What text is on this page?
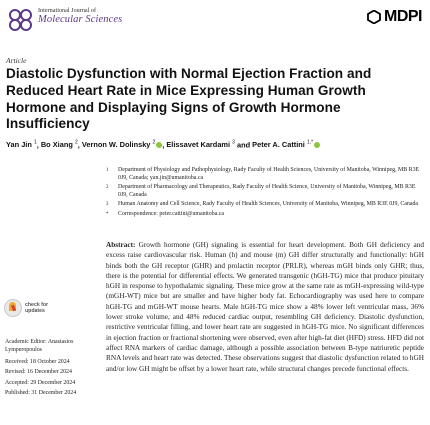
International Journal of
Molecular Sciences	MDPI
Article
Diastolic Dysfunction with Normal Ejection Fraction and Reduced Heart Rate in Mice Expressing Human Growth Hormone and Displaying Signs of Growth Hormone Insufficiency
Yan Jin $^1$, Bo Xiang $^2$, Vernon W. Dolinsky $^2$ , Elissavet Kardami $^3$ and Peter A. Cattini $^{1,*}$
1	Department of Physiology and Pathophysiology, Rady Faculty of Health Sciences, University of Manitoba, Winnipeg, MB R3E 0J9, Canada; yan.jin@umanitoba.ca
2	Department of Pharmacology and Therapeutics, Rady Faculty of Health Science, University of Manitoba, Winnipeg, MB R3E 0J9, Canada
3	Human Anatomy and Cell Science, Rady Faculty of Health Sciences, University of Manitoba, Winnipeg, MB R3E 0J9, Canada
*	Correspondence: peter.cattini@umanitoba.ca
Abstract: Growth hormone (GH) signaling is essential for heart development. Both GH deficiency and excess raise cardiovascular risk. Human (h) and mouse (m) GH differ structurally and functionally: hGH binds both the GH receptor (GHR) and prolactin receptor (PRLR), whereas mGH binds only GHR; thus, there is the potential for differential effects. We generated transgenic (hGH-TG) mice that produce pituitary hGH in response to hypothalamic signaling. These mice grow at the same rate as mGH-expressing wild-type (mGH-WT) mice but are smaller and have higher body fat. Echocardiography was used here to compare hGH-TG and mGH-WT mouse hearts. Male hGH-TG mice show a 48% lower left ventricular mass, 36% lower stroke volume, and 48% reduced cardiac output, resembling GH deficiency. Diastolic dysfunction, restrictive ventricular filling, and lower heart rate are suggested in hGH-TG mice. No significant differences in ejection fraction or fractional shortening were observed, even after high-fat diet (HFD) stress. HFD did not affect RNA markers of cardiac damage, although a possible association between B-type natriuretic peptide RNA levels and heart rate was detected. These observations suggest that diastolic dysfunction related to hGH and/or low GH might be offset by a lower heart rate, while structural changes precede functional effects.
check for
updates
Academic Editor: Anastasios Lymperopoulos
Received: 18 October 2024
Revised: 16 December 2024
Accepted: 29 December 2024
Published: 31 December 2024
